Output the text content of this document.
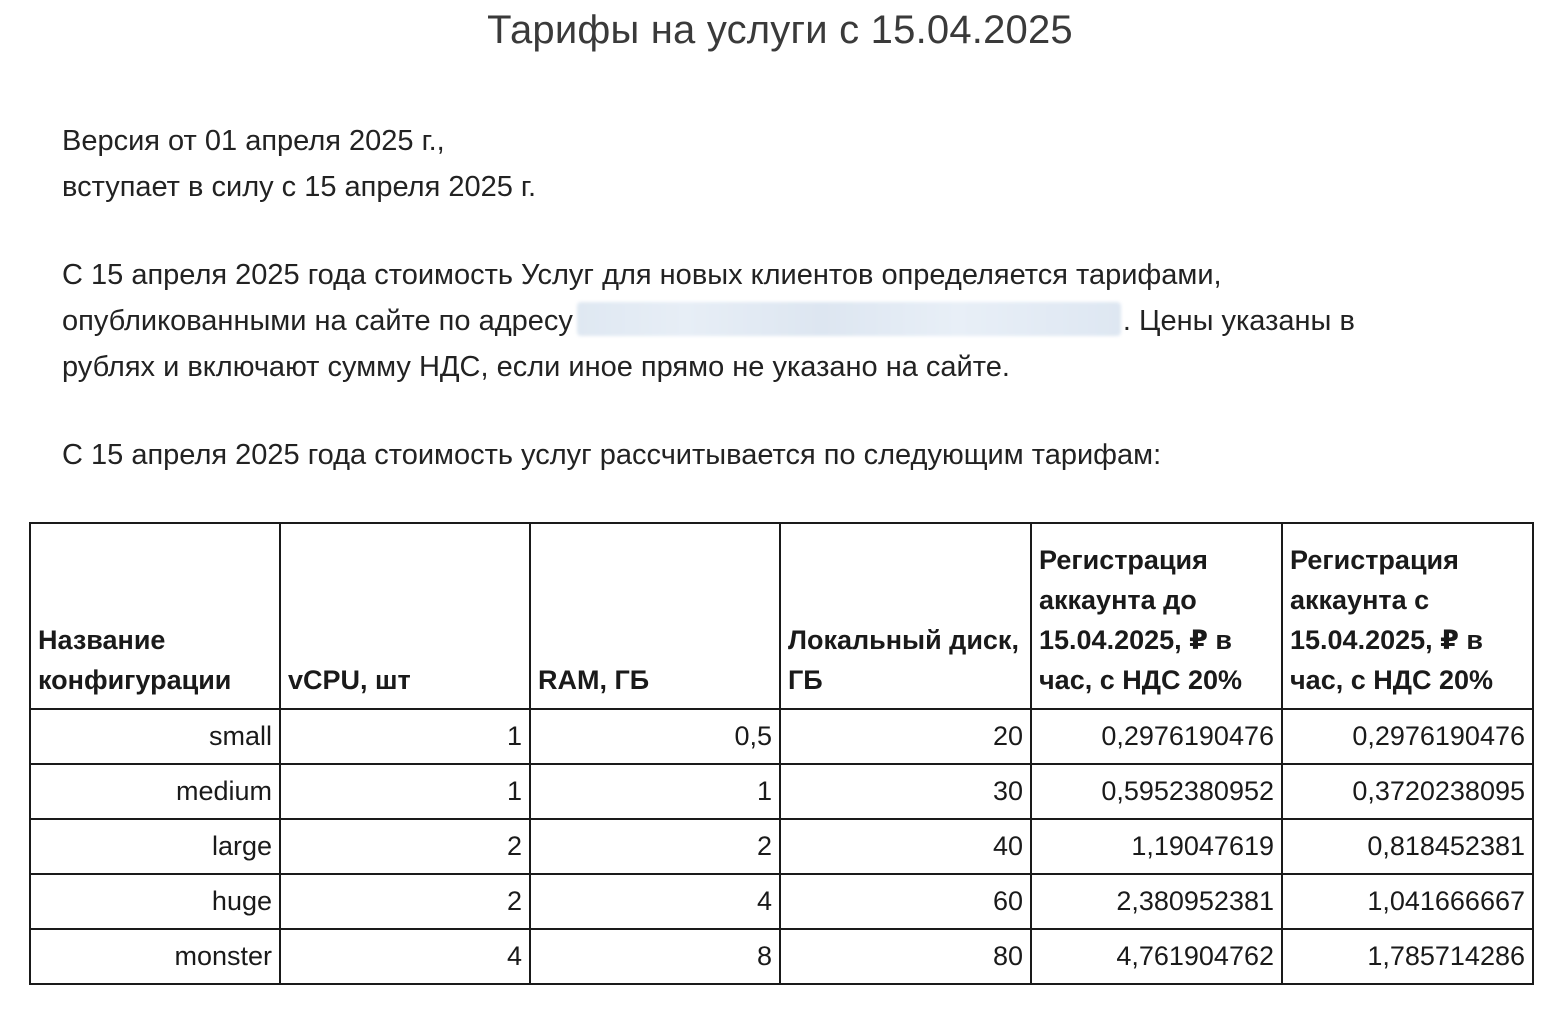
Тарифы на услуги с 15.04.2025
Версия от 01 апреля 2025 г.,
вступает в силу с 15 апреля 2025 г.
С 15 апреля 2025 года стоимость Услуг для новых клиентов определяется тарифами,
опубликованными на сайте по адресу	. Цены указаны в
рублях и включают сумму НДС, если иное прямо не указано на сайте.
С 15 апреля 2025 года стоимость услуг рассчитывается по следующим тарифам:
Название конфигурации	vCPU, шт	RAM, ГБ	Локальный диск, ГБ	Регистрация аккаунта до 15.04.2025, ₽ в час, с НДС 20%	Регистрация аккаунта с 15.04.2025, ₽ в час, с НДС 20%
small	1	0,5	20	0,2976190476	0,2976190476
medium	1	1	30	0,5952380952	0,3720238095
large	2	2	40	1,19047619	0,818452381
huge	2	4	60	2,380952381	1,041666667
monster	4	8	80	4,761904762	1,785714286
